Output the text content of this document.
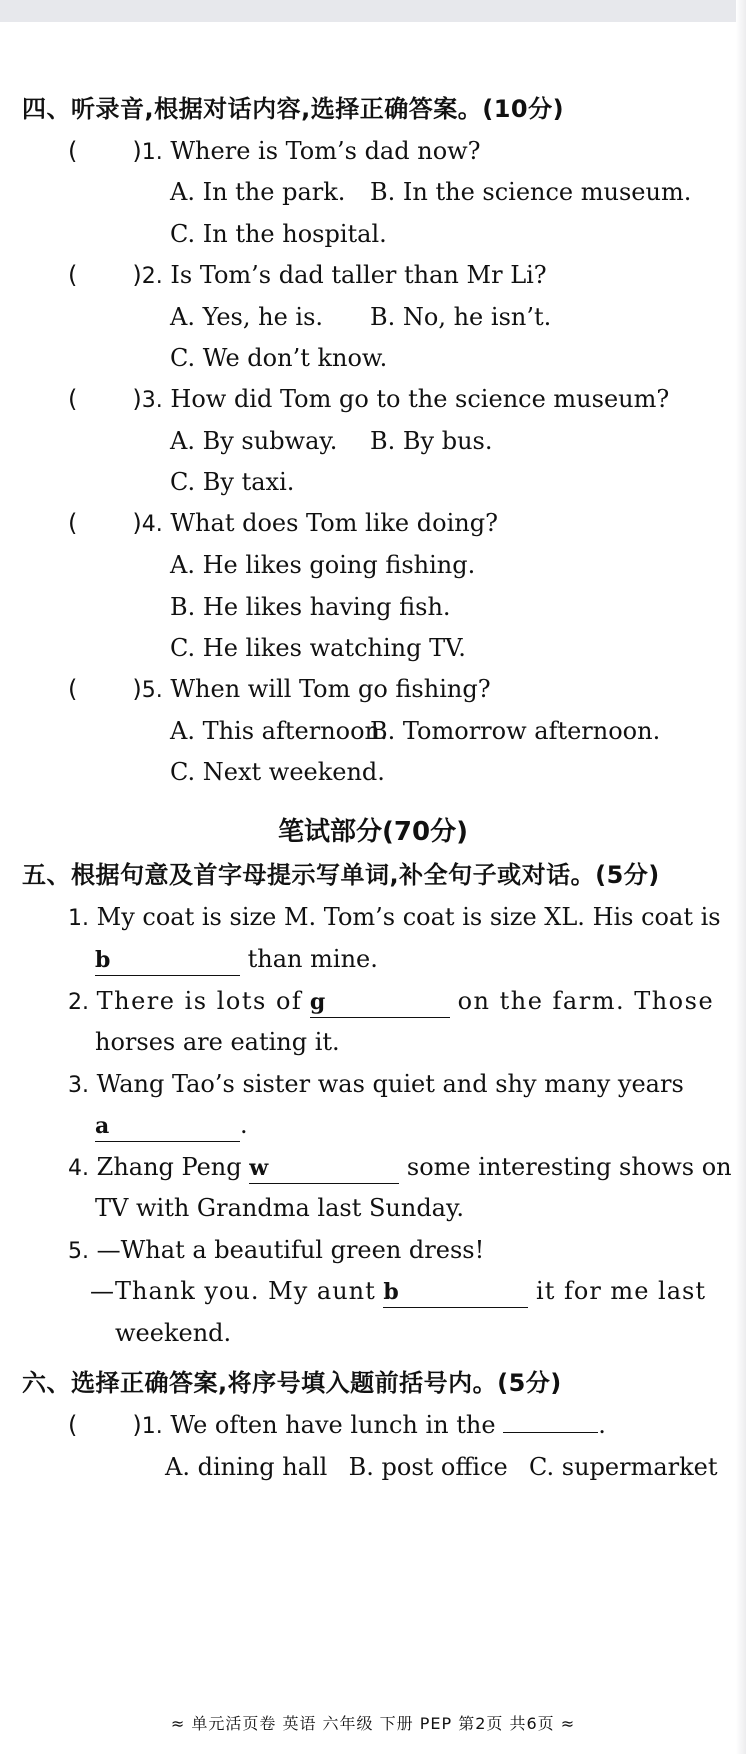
四、听录音,根据对话内容,选择正确答案。(10分)
( )1. Where is Tom’s dad now?
A. In the park. B. In the science museum.
C. In the hospital.
( )2. Is Tom’s dad taller than Mr Li?
A. Yes, he is. B. No, he isn’t.
C. We don’t know.
( )3. How did Tom go to the science museum?
A. By subway. B. By bus.
C. By taxi.
( )4. What does Tom like doing?
A. He likes going fishing.
B. He likes having fish.
C. He likes watching TV.
( )5. When will Tom go fishing?
A. This afternoon.
B. Tomorrow afternoon.
C. Next weekend.
笔试部分(70分)
五、根据句意及首字母提示写单词,补全句子或对话。(5分)
1. My coat is size M. Tom’s coat is size XL. His coat is
b	than mine.
2. There is lots of g	on the farm. Those
horses are eating it.
3. Wang Tao’s sister was quiet and shy many years
a	.
4. Zhang Peng w	some interesting shows on
TV with Grandma last Sunday.
5. —What a beautiful green dress!
—Thank you. My aunt b	it for me last
weekend.
六、选择正确答案,将序号填入题前括号内。(5分)
( )1. We often have lunch in the	.
A. dining hall B. post office C. supermarket
≈ 单元活页卷 英语 六年级 下册 PEP 第2页 共6页 ≈
